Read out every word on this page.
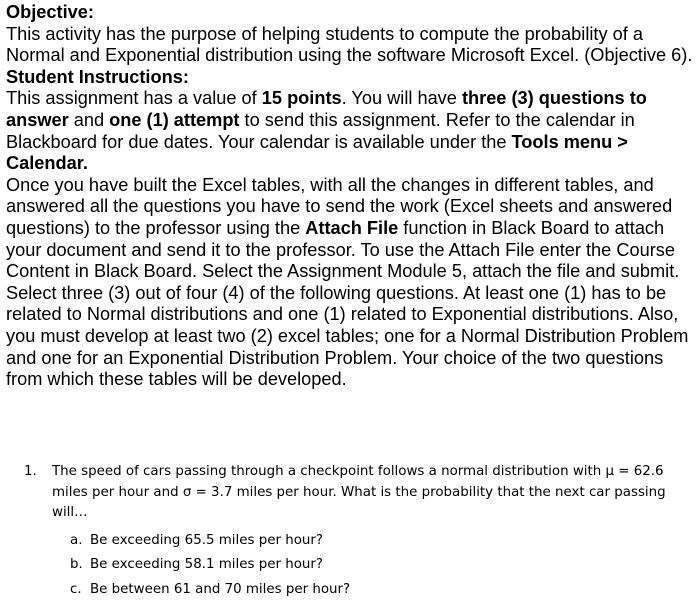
Objective:

This activity has the purpose of helping students to compute the probability of a Normal and Exponential distribution using the software Microsoft Excel. (Objective 6).

Student Instructions:

This assignment has a value of 15 points. You will have three (3) questions to answer and one (1) attempt to send this assignment. Refer to the calendar in Blackboard for due dates. Your calendar is available under the Tools menu > Calendar.

Once you have built the Excel tables, with all the changes in different tables, and answered all the questions you have to send the work (Excel sheets and answered questions) to the professor using the Attach File function in Black Board to attach your document and send it to the professor. To use the Attach File enter the Course Content in Black Board. Select the Assignment Module 5, attach the file and submit.

Select three (3) out of four (4) of the following questions. At least one (1) has to be related to Normal distributions and one (1) related to Exponential distributions. Also, you must develop at least two (2) excel tables; one for a Normal Distribution Problem and one for an Exponential Distribution Problem. Your choice of the two questions from which these tables will be developed.

1. The speed of cars passing through a checkpoint follows a normal distribution with μ = 62.6 miles per hour and σ = 3.7 miles per hour. What is the probability that the next car passing will…
a. Be exceeding 65.5 miles per hour?
b. Be exceeding 58.1 miles per hour?
c. Be between 61 and 70 miles per hour?
